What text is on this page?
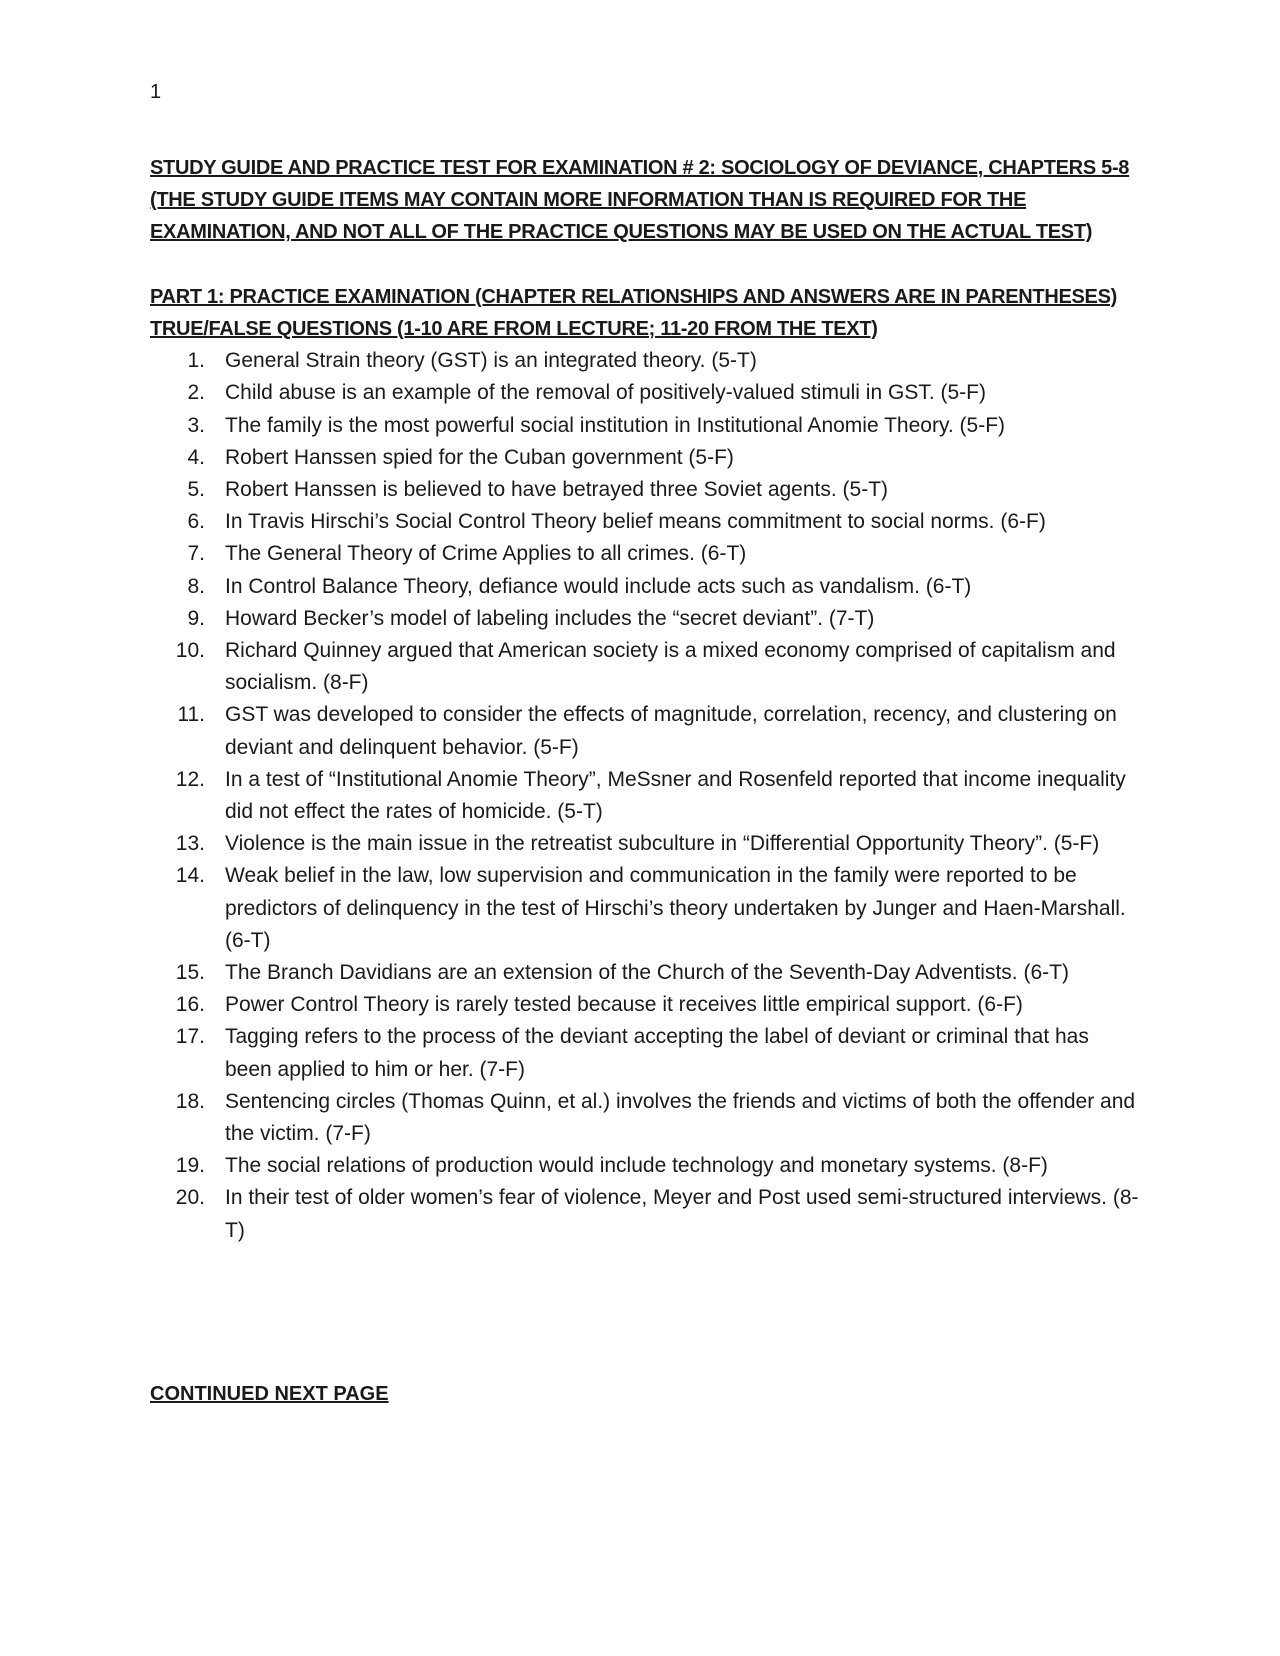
1

STUDY GUIDE AND PRACTICE TEST FOR EXAMINATION # 2: SOCIOLOGY OF DEVIANCE, CHAPTERS 5-8

(THE STUDY GUIDE ITEMS MAY CONTAIN MORE INFORMATION THAN IS REQUIRED FOR THE

EXAMINATION, AND NOT ALL OF THE PRACTICE QUESTIONS MAY BE USED ON THE ACTUAL TEST)

PART 1: PRACTICE EXAMINATION (CHAPTER RELATIONSHIPS AND ANSWERS ARE IN PARENTHESES)

TRUE/FALSE QUESTIONS (1-10 ARE FROM LECTURE; 11-20 FROM THE TEXT)

1. General Strain theory (GST) is an integrated theory. (5-T)
2. Child abuse is an example of the removal of positively-valued stimuli in GST. (5-F)
3. The family is the most powerful social institution in Institutional Anomie Theory. (5-F)
4. Robert Hanssen spied for the Cuban government (5-F)
5. Robert Hanssen is believed to have betrayed three Soviet agents. (5-T)
6. In Travis Hirschi’s Social Control Theory belief means commitment to social norms. (6-F)
7. The General Theory of Crime Applies to all crimes. (6-T)
8. In Control Balance Theory, defiance would include acts such as vandalism. (6-T)
9. Howard Becker’s model of labeling includes the “secret deviant”. (7-T)
10. Richard Quinney argued that American society is a mixed economy comprised of capitalism and socialism. (8-F)
11. GST was developed to consider the effects of magnitude, correlation, recency, and clustering on deviant and delinquent behavior. (5-F)
12. In a test of “Institutional Anomie Theory”, MeSsner and Rosenfeld reported that income inequality did not effect the rates of homicide. (5-T)
13. Violence is the main issue in the retreatist subculture in “Differential Opportunity Theory”. (5-F)
14. Weak belief in the law, low supervision and communication in the family were reported to be predictors of delinquency in the test of Hirschi’s theory undertaken by Junger and Haen-Marshall. (6-T)
15. The Branch Davidians are an extension of the Church of the Seventh-Day Adventists. (6-T)
16. Power Control Theory is rarely tested because it receives little empirical support. (6-F)
17. Tagging refers to the process of the deviant accepting the label of deviant or criminal that has been applied to him or her. (7-F)
18. Sentencing circles (Thomas Quinn, et al.) involves the friends and victims of both the offender and the victim. (7-F)
19. The social relations of production would include technology and monetary systems. (8-F)
20. In their test of older women’s fear of violence, Meyer and Post used semi-structured interviews. (8-T)
CONTINUED NEXT PAGE
